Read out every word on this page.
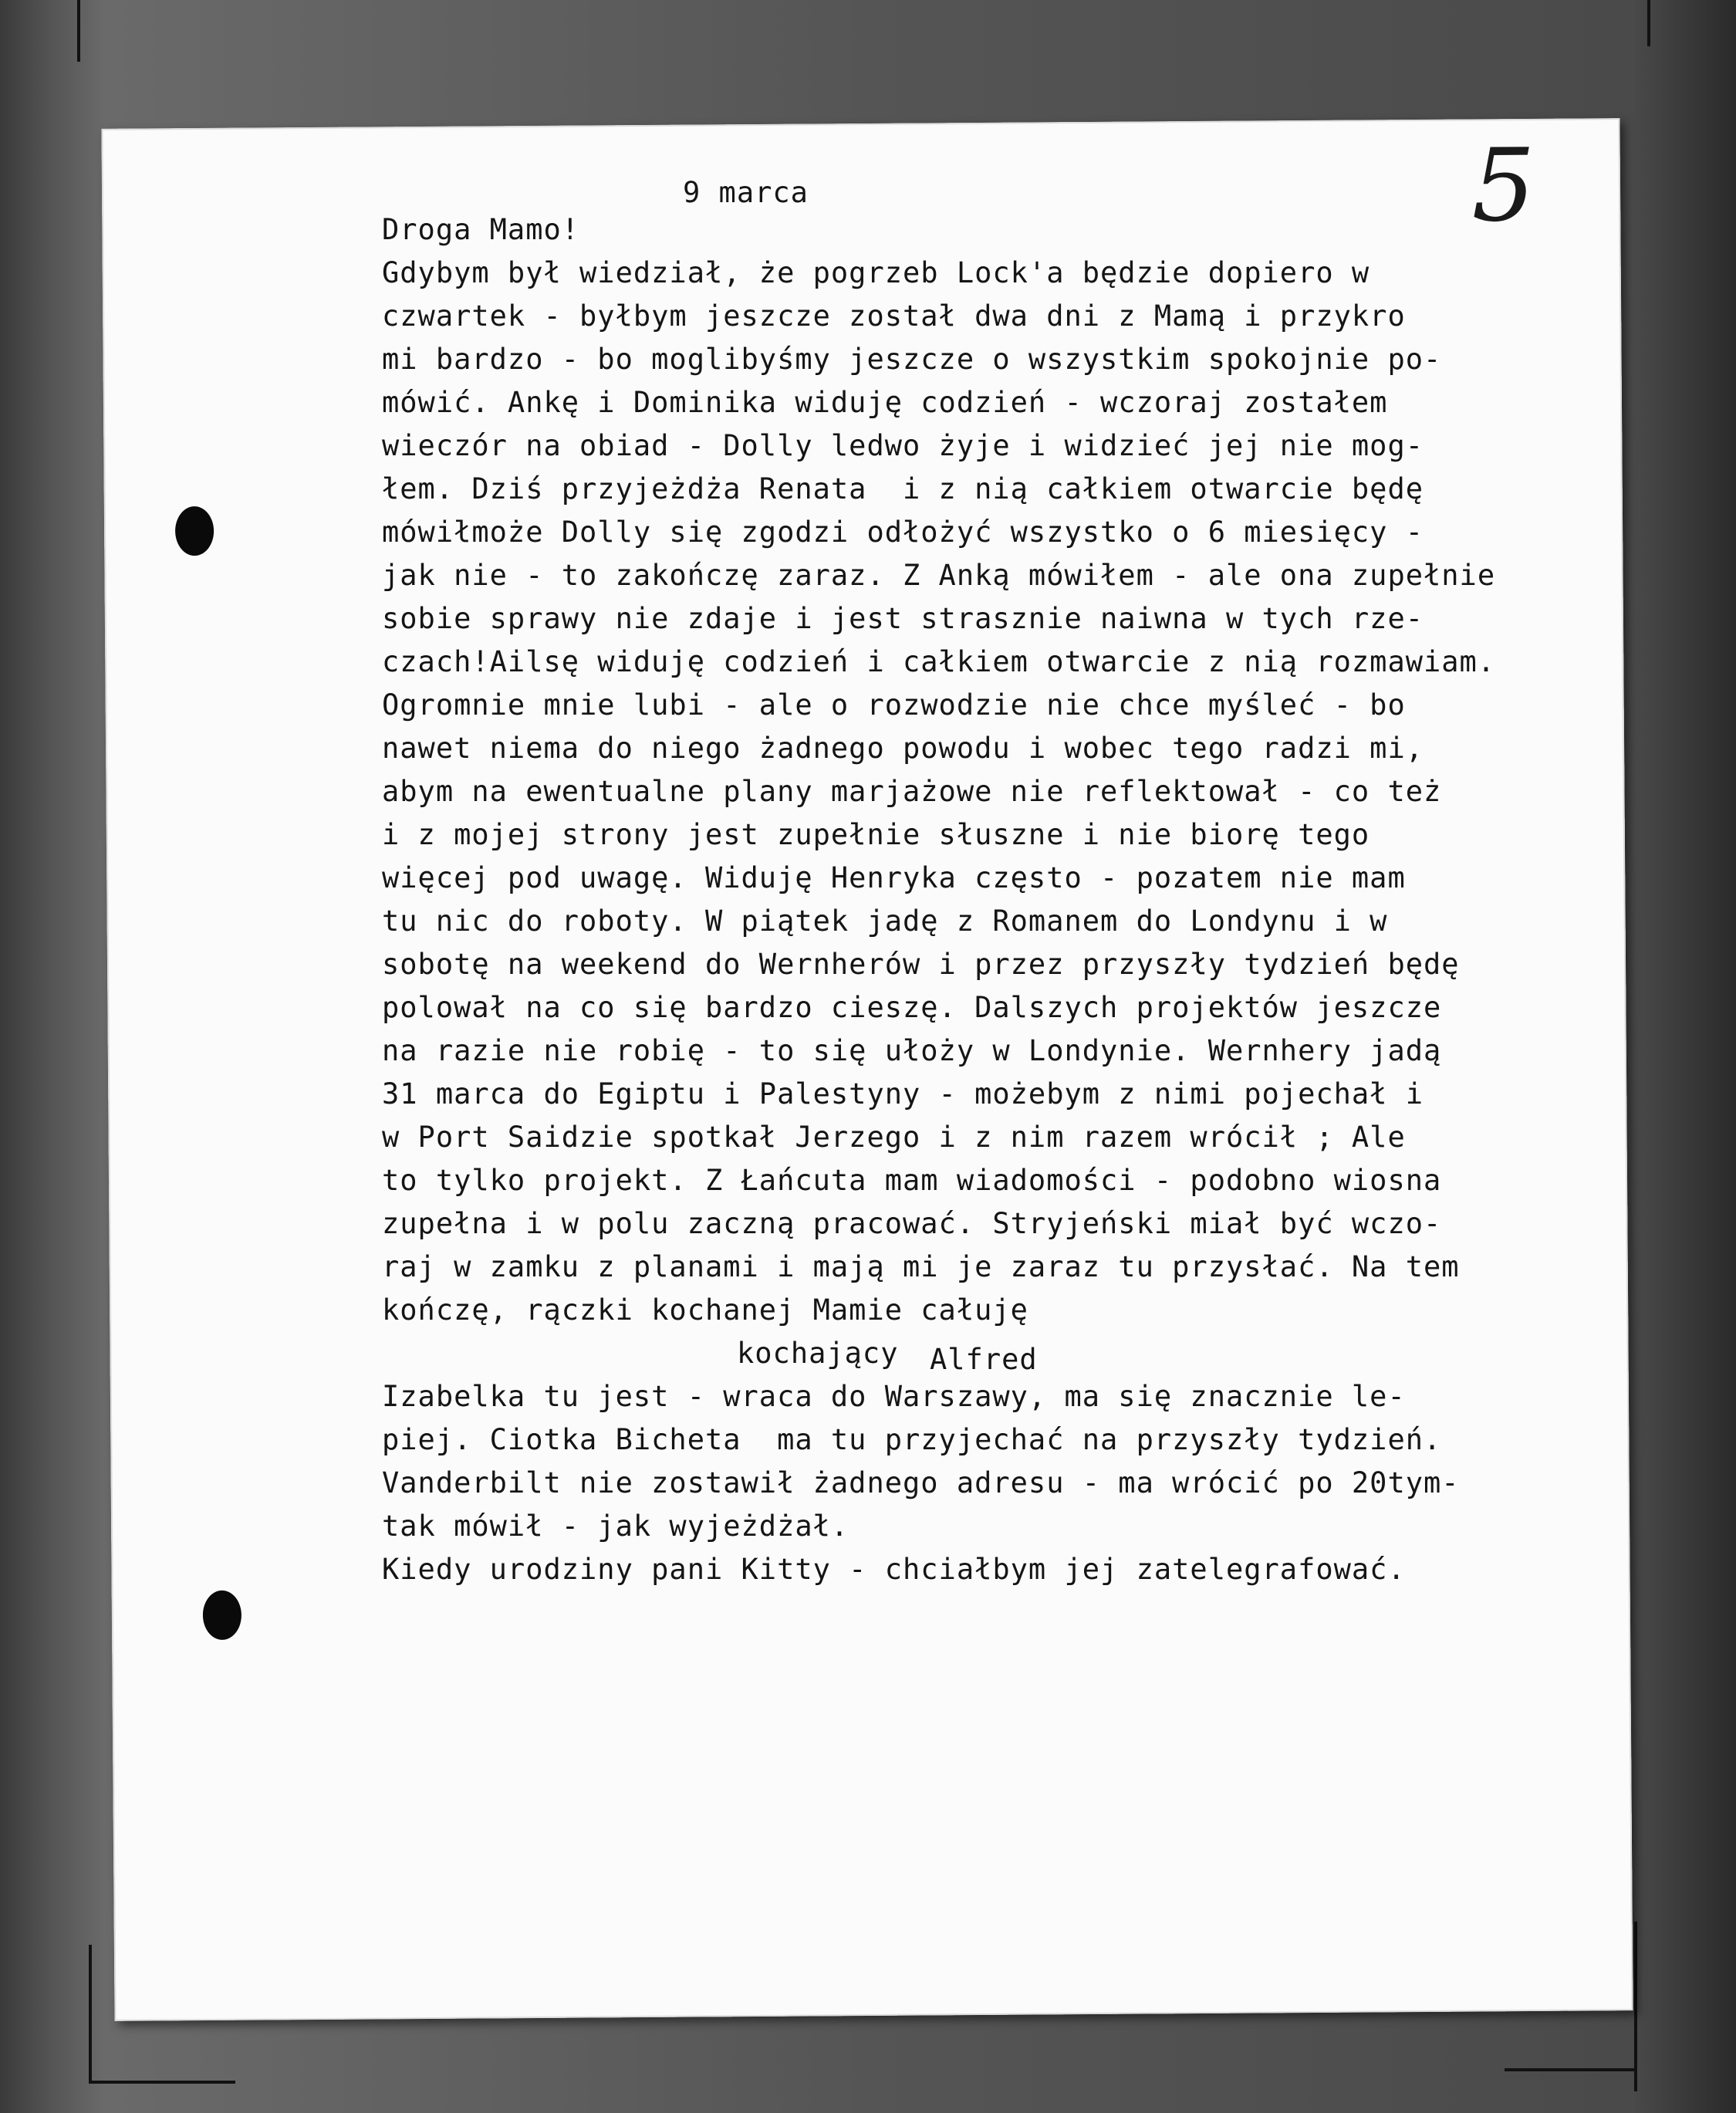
5
9 marca
Droga Mamo!
Gdybym był wiedział, że pogrzeb Lock'a będzie dopiero w
czwartek - byłbym jeszcze został dwa dni z Mamą i przykro
mi bardzo - bo moglibyśmy jeszcze o wszystkim spokojnie po-
mówić. Ankę i Dominika widuję codzień - wczoraj zostałem
wieczór na obiad - Dolly ledwo żyje i widzieć jej nie mog-
łem. Dziś przyjeżdża Renata  i z nią całkiem otwarcie będę
mówiłmoże Dolly się zgodzi odłożyć wszystko o 6 miesięcy -
jak nie - to zakończę zaraz. Z Anką mówiłem - ale ona zupełnie
sobie sprawy nie zdaje i jest strasznie naiwna w tych rze-
czach!Ailsę widuję codzień i całkiem otwarcie z nią rozmawiam.
Ogromnie mnie lubi - ale o rozwodzie nie chce myśleć - bo
nawet niema do niego żadnego powodu i wobec tego radzi mi,
abym na ewentualne plany marjażowe nie reflektował - co też
i z mojej strony jest zupełnie słuszne i nie biorę tego
więcej pod uwagę. Widuję Henryka często - pozatem nie mam
tu nic do roboty. W piątek jadę z Romanem do Londynu i w
sobotę na weekend do Wernherów i przez przyszły tydzień będę
polował na co się bardzo cieszę. Dalszych projektów jeszcze
na razie nie robię - to się ułoży w Londynie. Wernhery jadą
31 marca do Egiptu i Palestyny - możebym z nimi pojechał i
w Port Saidzie spotkał Jerzego i z nim razem wrócił ; Ale
to tylko projekt. Z Łańcuta mam wiadomości - podobno wiosna
zupełna i w polu zaczną pracować. Stryjeński miał być wczo-
raj w zamku z planami i mają mi je zaraz tu przysłać. Na tem
kończę, rączki kochanej Mamie całuję
kochający Alfred
Izabelka tu jest - wraca do Warszawy, ma się znacznie le-
piej. Ciotka Bicheta  ma tu przyjechać na przyszły tydzień.
Vanderbilt nie zostawił żadnego adresu - ma wrócić po 20tym-
tak mówił - jak wyjeżdżał.
Kiedy urodziny pani Kitty - chciałbym jej zatelegrafować.
